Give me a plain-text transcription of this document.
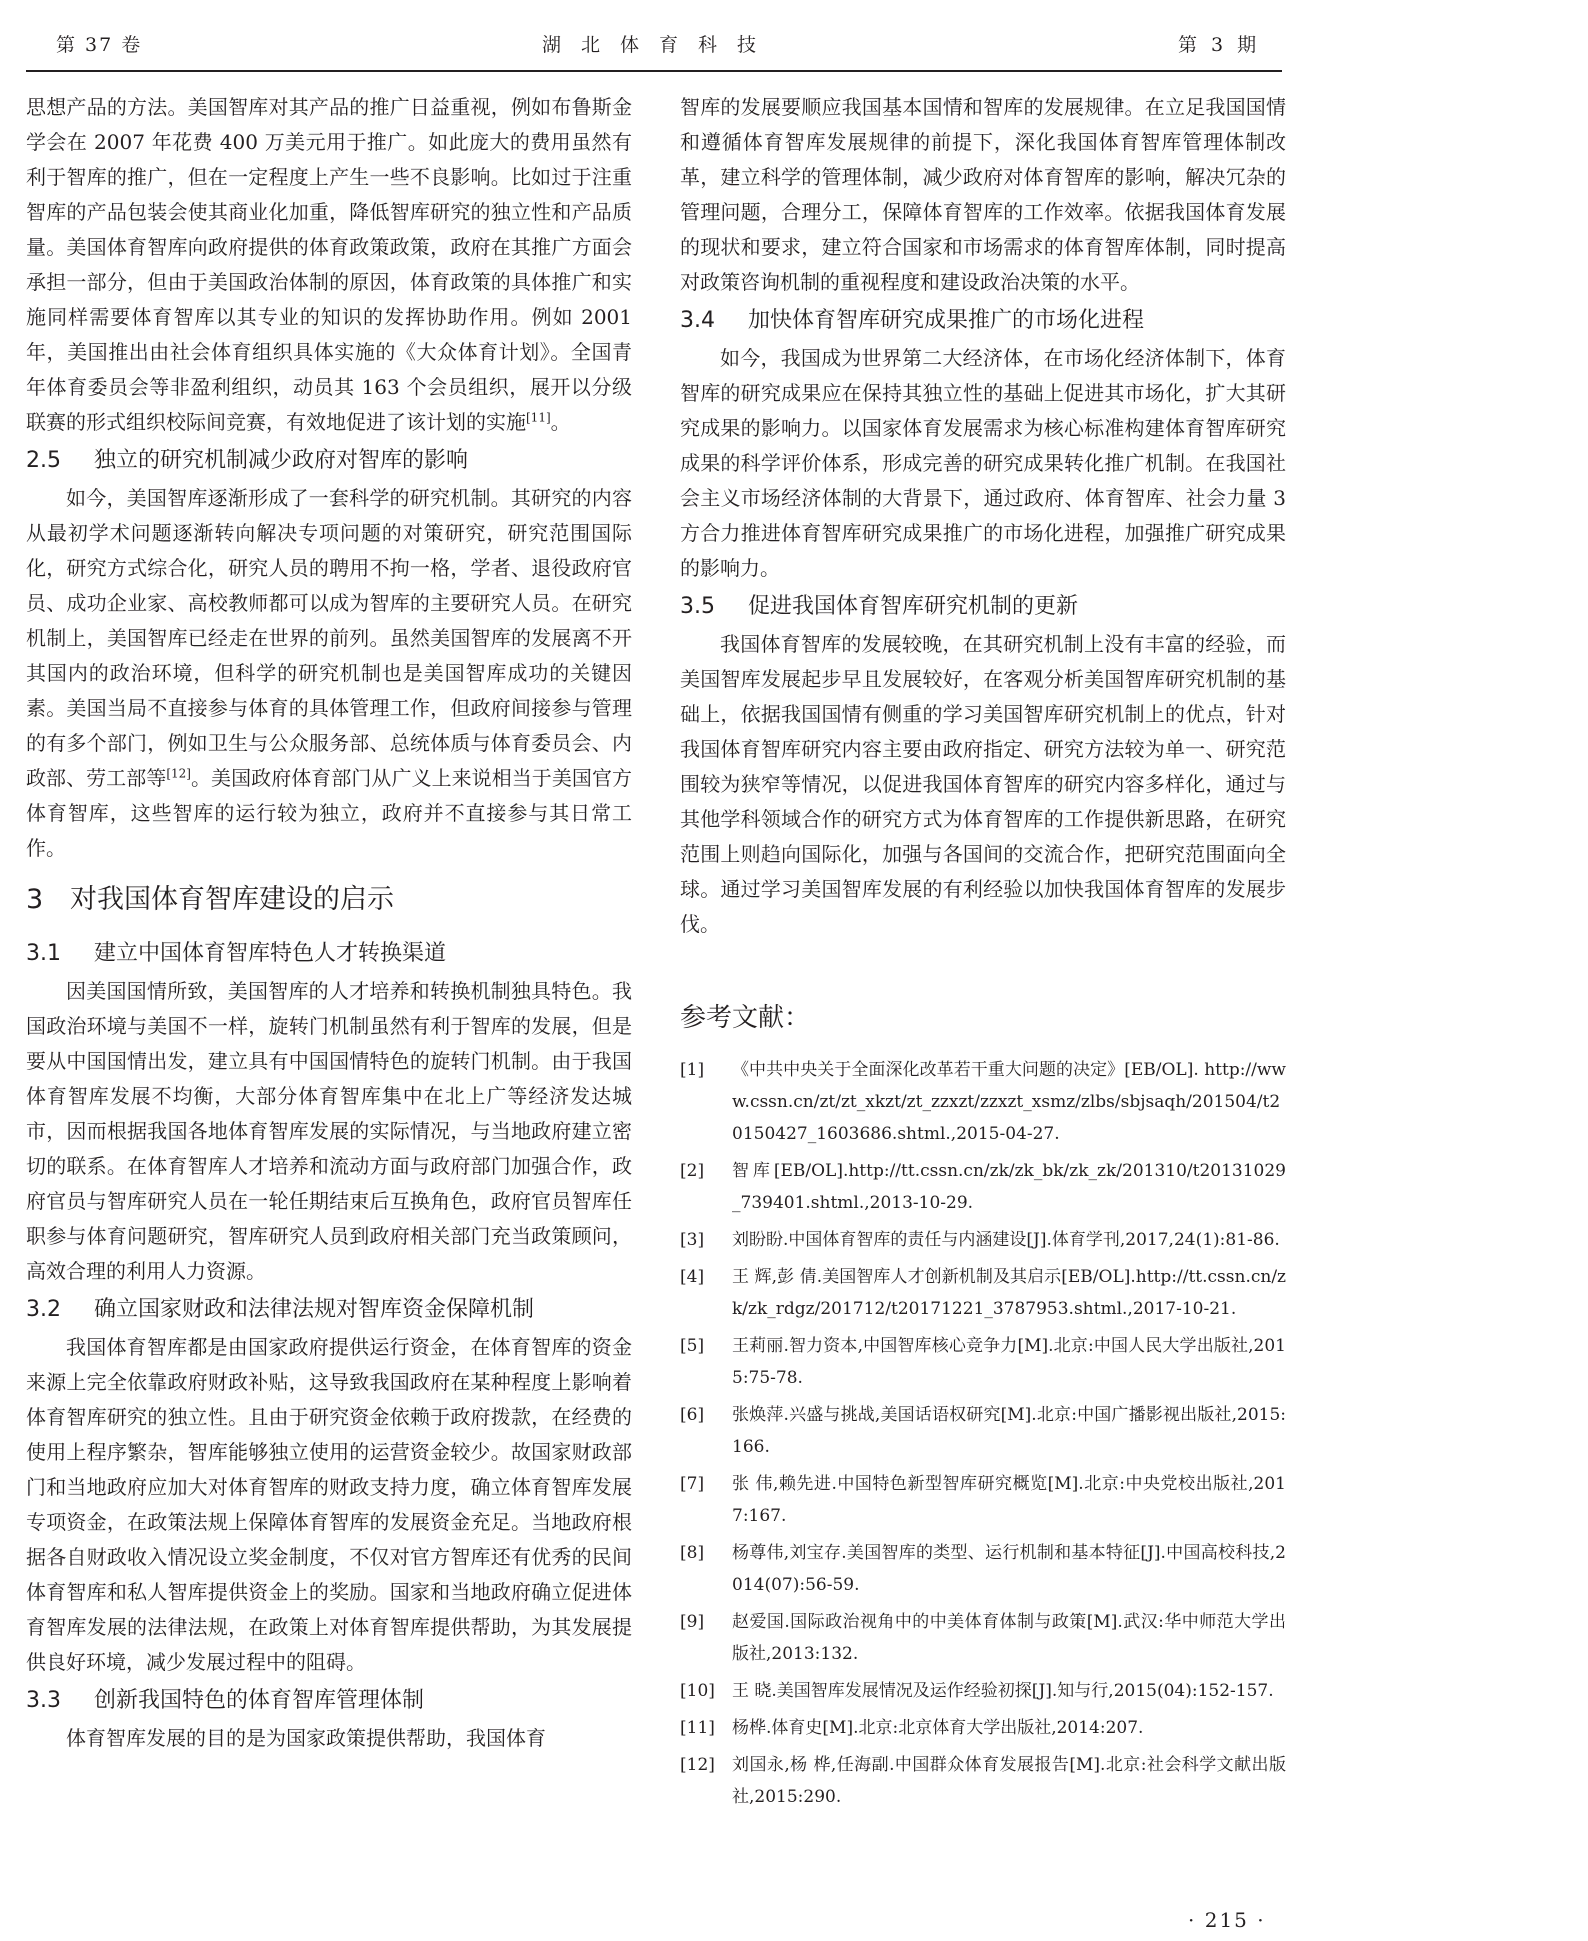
第 37 卷	湖北体育科技	第 3 期

思想产品的方法。美国智库对其产品的推广日益重视，例如布鲁斯金学会在 2007 年花费 400 万美元用于推广。如此庞大的费用虽然有利于智库的推广，但在一定程度上产生一些不良影响。比如过于注重智库的产品包装会使其商业化加重，降低智库研究的独立性和产品质量。美国体育智库向政府提供的体育政策政策，政府在其推广方面会承担一部分，但由于美国政治体制的原因，体育政策的具体推广和实施同样需要体育智库以其专业的知识的发挥协助作用。例如 2001 年，美国推出由社会体育组织具体实施的《大众体育计划》。全国青年体育委员会等非盈利组织，动员其 163 个会员组织，展开以分级联赛的形式组织校际间竞赛，有效地促进了该计划的实施[11]。

2.5 独立的研究机制减少政府对智库的影响

如今，美国智库逐渐形成了一套科学的研究机制。其研究的内容从最初学术问题逐渐转向解决专项问题的对策研究，研究范围国际化，研究方式综合化，研究人员的聘用不拘一格，学者、退役政府官员、成功企业家、高校教师都可以成为智库的主要研究人员。在研究机制上，美国智库已经走在世界的前列。虽然美国智库的发展离不开其国内的政治环境，但科学的研究机制也是美国智库成功的关键因素。美国当局不直接参与体育的具体管理工作，但政府间接参与管理的有多个部门，例如卫生与公众服务部、总统体质与体育委员会、内政部、劳工部等[12]。美国政府体育部门从广义上来说相当于美国官方体育智库，这些智库的运行较为独立，政府并不直接参与其日常工作。

3 对我国体育智库建设的启示
3.1 建立中国体育智库特色人才转换渠道

因美国国情所致，美国智库的人才培养和转换机制独具特色。我国政治环境与美国不一样，旋转门机制虽然有利于智库的发展，但是要从中国国情出发，建立具有中国国情特色的旋转门机制。由于我国体育智库发展不均衡，大部分体育智库集中在北上广等经济发达城市，因而根据我国各地体育智库发展的实际情况，与当地政府建立密切的联系。在体育智库人才培养和流动方面与政府部门加强合作，政府官员与智库研究人员在一轮任期结束后互换角色，政府官员智库任职参与体育问题研究，智库研究人员到政府相关部门充当政策顾问，高效合理的利用人力资源。

3.2 确立国家财政和法律法规对智库资金保障机制

我国体育智库都是由国家政府提供运行资金，在体育智库的资金来源上完全依靠政府财政补贴，这导致我国政府在某种程度上影响着体育智库研究的独立性。且由于研究资金依赖于政府拨款，在经费的使用上程序繁杂，智库能够独立使用的运营资金较少。故国家财政部门和当地政府应加大对体育智库的财政支持力度，确立体育智库发展专项资金，在政策法规上保障体育智库的发展资金充足。当地政府根据各自财政收入情况设立奖金制度，不仅对官方智库还有优秀的民间体育智库和私人智库提供资金上的奖励。国家和当地政府确立促进体育智库发展的法律法规，在政策上对体育智库提供帮助，为其发展提供良好环境，减少发展过程中的阻碍。

3.3 创新我国特色的体育智库管理体制

体育智库发展的目的是为国家政策提供帮助，我国体育

智库的发展要顺应我国基本国情和智库的发展规律。在立足我国国情和遵循体育智库发展规律的前提下，深化我国体育智库管理体制改革，建立科学的管理体制，减少政府对体育智库的影响，解决冗杂的管理问题，合理分工，保障体育智库的工作效率。依据我国体育发展的现状和要求，建立符合国家和市场需求的体育智库体制，同时提高对政策咨询机制的重视程度和建设政治决策的水平。

3.4 加快体育智库研究成果推广的市场化进程

如今，我国成为世界第二大经济体，在市场化经济体制下，体育智库的研究成果应在保持其独立性的基础上促进其市场化，扩大其研究成果的影响力。以国家体育发展需求为核心标准构建体育智库研究成果的科学评价体系，形成完善的研究成果转化推广机制。在我国社会主义市场经济体制的大背景下，通过政府、体育智库、社会力量 3 方合力推进体育智库研究成果推广的市场化进程，加强推广研究成果的影响力。

3.5 促进我国体育智库研究机制的更新

我国体育智库的发展较晚，在其研究机制上没有丰富的经验，而美国智库发展起步早且发展较好，在客观分析美国智库研究机制的基础上，依据我国国情有侧重的学习美国智库研究机制上的优点，针对我国体育智库研究内容主要由政府指定、研究方法较为单一、研究范围较为狭窄等情况，以促进我国体育智库的研究内容多样化，通过与其他学科领域合作的研究方式为体育智库的工作提供新思路，在研究范围上则趋向国际化，加强与各国间的交流合作，把研究范围面向全球。通过学习美国智库发展的有利经验以加快我国体育智库的发展步伐。

参考文献：
[1]	《中共中央关于全面深化改革若干重大问题的决定》[EB/OL]. http://www.cssn.cn/zt/zt_xkzt/zt_zzxzt/zzxzt_xsmz/zlbs/sbjsaqh/201504/t20150427_1603686.shtml.,2015-04-27.
[2]	智库[EB/OL].http://tt.cssn.cn/zk/zk_bk/zk_zk/201310/t20131029_739401.shtml.,2013-10-29.
[3]	刘盼盼.中国体育智库的责任与内涵建设[J].体育学刊,2017,24(1):81-86.
[4]	王 辉,彭 倩.美国智库人才创新机制及其启示[EB/OL].http://tt.cssn.cn/zk/zk_rdgz/201712/t20171221_3787953.shtml.,2017-10-21.
[5]	王莉丽.智力资本,中国智库核心竞争力[M].北京:中国人民大学出版社,2015:75-78.
[6]	张焕萍.兴盛与挑战,美国话语权研究[M].北京:中国广播影视出版社,2015:166.
[7]	张 伟,赖先进.中国特色新型智库研究概览[M].北京:中央党校出版社,2017:167.
[8]	杨尊伟,刘宝存.美国智库的类型、运行机制和基本特征[J].中国高校科技,2014(07):56-59.
[9]	赵爱国.国际政治视角中的中美体育体制与政策[M].武汉:华中师范大学出版社,2013:132.
[10]	王 晓.美国智库发展情况及运作经验初探[J].知与行,2015(04):152-157.
[11]	杨桦.体育史[M].北京:北京体育大学出版社,2014:207.
[12]	刘国永,杨 桦,任海副.中国群众体育发展报告[M].北京:社会科学文献出版社,2015:290.
· 215 ·
